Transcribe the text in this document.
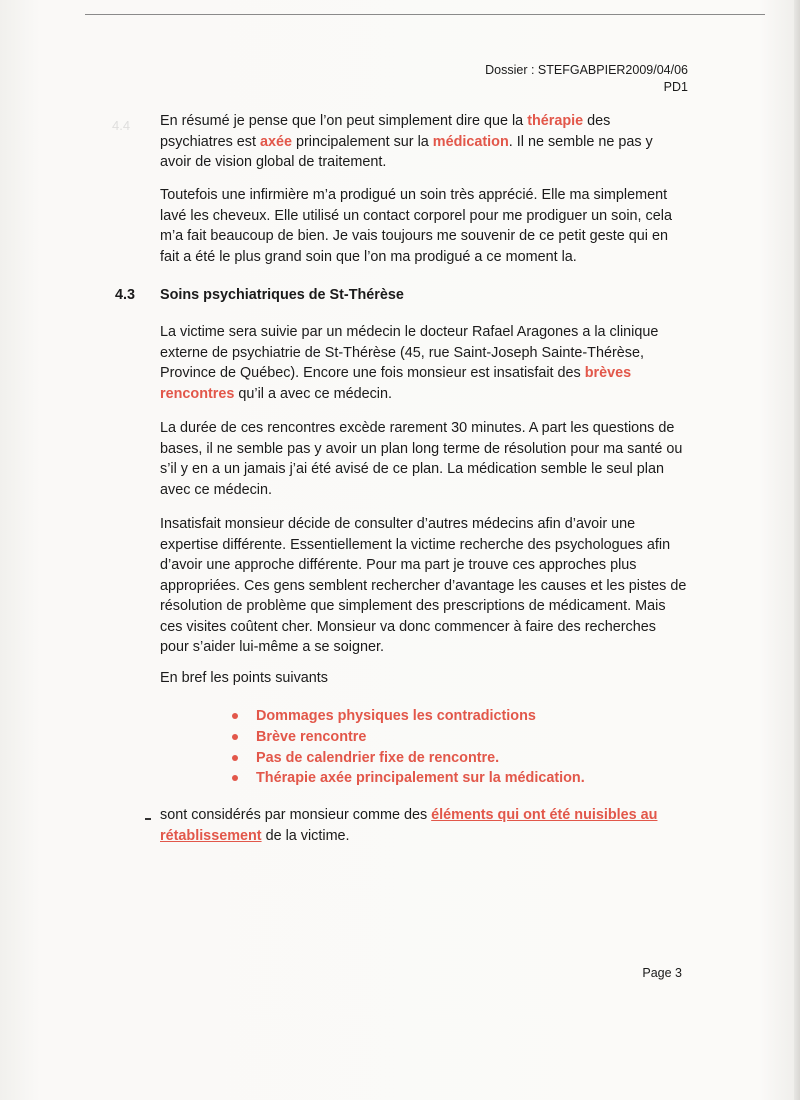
Dossier : STEFGABPIER2009/04/06
PD1
4.4 En résumé je pense que l’on peut simplement dire que la thérapie des psychiatres est axée principalement sur la médication. Il ne semble ne pas y avoir de vision global de traitement.

Toutefois une infirmière m’a prodigué un soin très apprécié. Elle ma simplement lavé les cheveux. Elle utilisé un contact corporel pour me prodiguer un soin, cela m’a fait beaucoup de bien. Je vais toujours me souvenir de ce petit geste qui en fait a été le plus grand soin que l’on ma prodigué a ce moment la.

4.3 Soins psychiatriques de St-Thérèse

La victime sera suivie par un médecin le docteur Rafael Aragones a la clinique externe de psychiatrie de St-Thérèse (45, rue Saint-Joseph Sainte-Thérèse, Province de Québec). Encore une fois monsieur est insatisfait des brèves rencontres qu’il a avec ce médecin.

La durée de ces rencontres excède rarement 30 minutes. A part les questions de bases, il ne semble pas y avoir un plan long terme de résolution pour ma santé ou s’il y en a un jamais j’ai été avisé de ce plan. La médication semble le seul plan avec ce médecin.

Insatisfait monsieur décide de consulter d’autres médecins afin d’avoir une expertise différente. Essentiellement la victime recherche des psychologues afin d’avoir une approche différente. Pour ma part je trouve ces approches plus appropriées. Ces gens semblent rechercher d’avantage les causes et les pistes de résolution de problème que simplement des prescriptions de médicament. Mais ces visites coûtent cher. Monsieur va donc commencer à faire des recherches pour s’aider lui-même a se soigner.

En bref les points suivants

Dommages physiques les contradictions
Brève rencontre
Pas de calendrier fixe de rencontre.
Thérapie axée principalement sur la médication.

sont considérés par monsieur comme des éléments qui ont été nuisibles au rétablissement de la victime.

Page 3
